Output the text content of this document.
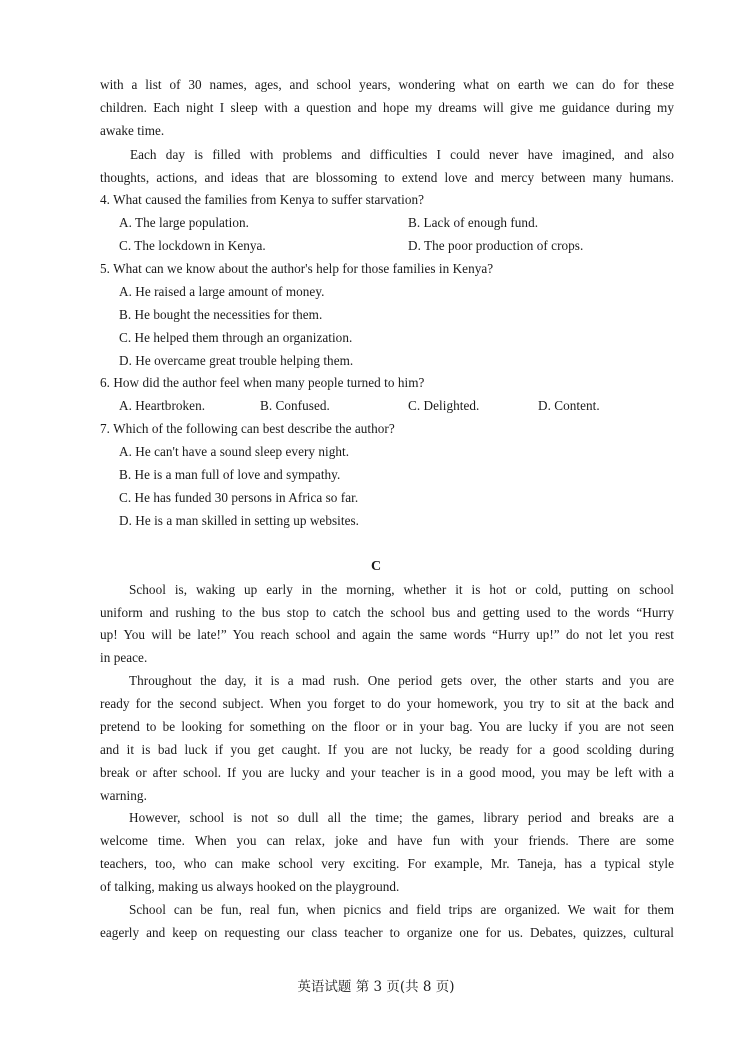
with a list of 30 names, ages, and school years, wondering what on earth we can do for these
children. Each night I sleep with a question and hope my dreams will give me guidance during my
awake time.
Each day is filled with problems and difficulties I could never have imagined, and also
thoughts, actions, and ideas that are blossoming to extend love and mercy between many humans.
4. What caused the families from Kenya to suffer starvation?
A. The large population.	B. Lack of enough fund.
C. The lockdown in Kenya.	D. The poor production of crops.
5. What can we know about the author's help for those families in Kenya?
A. He raised a large amount of money.
B. He bought the necessities for them.
C. He helped them through an organization.
D. He overcame great trouble helping them.
6. How did the author feel when many people turned to him?
A. Heartbroken.	B. Confused.	C. Delighted.	D. Content.
7. Which of the following can best describe the author?
A. He can't have a sound sleep every night.
B. He is a man full of love and sympathy.
C. He has funded 30 persons in Africa so far.
D. He is a man skilled in setting up websites.
C
School is, waking up early in the morning, whether it is hot or cold, putting on school
uniform and rushing to the bus stop to catch the school bus and getting used to the words “Hurry
up! You will be late!” You reach school and again the same words “Hurry up!” do not let you rest
in peace.
Throughout the day, it is a mad rush. One period gets over, the other starts and you are
ready for the second subject. When you forget to do your homework, you try to sit at the back and
pretend to be looking for something on the floor or in your bag. You are lucky if you are not seen
and it is bad luck if you get caught. If you are not lucky, be ready for a good scolding during
break or after school. If you are lucky and your teacher is in a good mood, you may be left with a
warning.
However, school is not so dull all the time; the games, library period and breaks are a
welcome time. When you can relax, joke and have fun with your friends. There are some
teachers, too, who can make school very exciting. For example, Mr. Taneja, has a typical style
of talking, making us always hooked on the playground.
School can be fun, real fun, when picnics and field trips are organized. We wait for them
eagerly and keep on requesting our class teacher to organize one for us. Debates, quizzes, cultural
英语试题 第 3 页(共 8 页)
